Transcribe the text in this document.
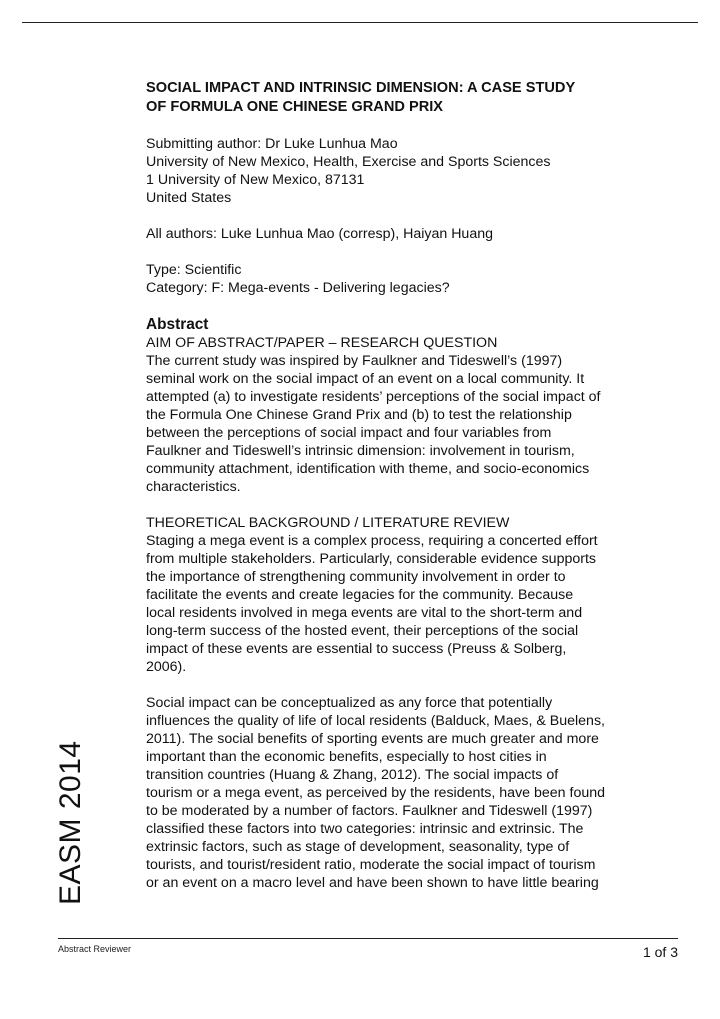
EASM 2014
SOCIAL IMPACT AND INTRINSIC DIMENSION: A CASE STUDY
OF FORMULA ONE CHINESE GRAND PRIX
Submitting author: Dr Luke Lunhua Mao
University of New Mexico, Health, Exercise and Sports Sciences
1 University of New Mexico, 87131
United States
All authors: Luke Lunhua Mao (corresp), Haiyan Huang
Type: Scientific
Category: F: Mega-events - Delivering legacies?
Abstract
AIM OF ABSTRACT/PAPER – RESEARCH QUESTION
The current study was inspired by Faulkner and Tideswell’s (1997)
seminal work on the social impact of an event on a local community. It
attempted (a) to investigate residents’ perceptions of the social impact of
the Formula One Chinese Grand Prix and (b) to test the relationship
between the perceptions of social impact and four variables from
Faulkner and Tideswell’s intrinsic dimension: involvement in tourism,
community attachment, identification with theme, and socio-economics
characteristics.
THEORETICAL BACKGROUND / LITERATURE REVIEW
Staging a mega event is a complex process, requiring a concerted effort
from multiple stakeholders. Particularly, considerable evidence supports
the importance of strengthening community involvement in order to
facilitate the events and create legacies for the community. Because
local residents involved in mega events are vital to the short-term and
long-term success of the hosted event, their perceptions of the social
impact of these events are essential to success (Preuss & Solberg,
2006).
Social impact can be conceptualized as any force that potentially
influences the quality of life of local residents (Balduck, Maes, & Buelens,
2011). The social benefits of sporting events are much greater and more
important than the economic benefits, especially to host cities in
transition countries (Huang & Zhang, 2012). The social impacts of
tourism or a mega event, as perceived by the residents, have been found
to be moderated by a number of factors. Faulkner and Tideswell (1997)
classified these factors into two categories: intrinsic and extrinsic. The
extrinsic factors, such as stage of development, seasonality, type of
tourists, and tourist/resident ratio, moderate the social impact of tourism
or an event on a macro level and have been shown to have little bearing
Abstract Reviewer	1 of 3
